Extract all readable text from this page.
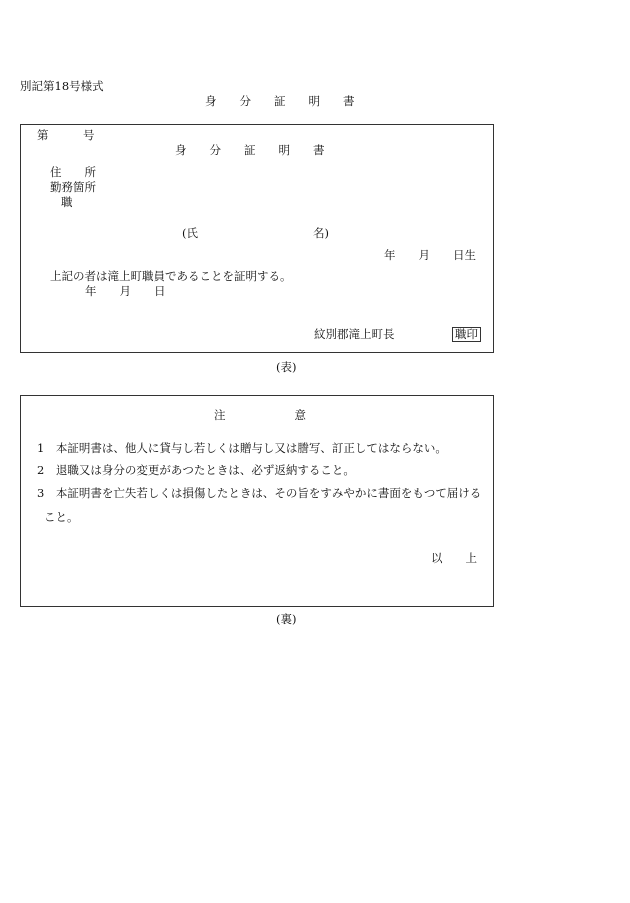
別記第18号様式
身　　分　　証　　明　　書
第　　　号
身　　分　　証　　明　　書
住　　所
勤務箇所
職
(氏　　　　　　　　　　名)
年　　月　　日生
上記の者は滝上町職員であることを証明する。
年　　月　　日
紋別郡滝上町長	職印
(表)
注　　　　　　意
1　本証明書は、他人に貸与し若しくは贈与し又は謄写、訂正してはならない。
2　退職又は身分の変更があつたときは、必ず返納すること。
3　本証明書を亡失若しくは損傷したときは、その旨をすみやかに書面をもつて届ける
こと。
以　　上
(裏)
